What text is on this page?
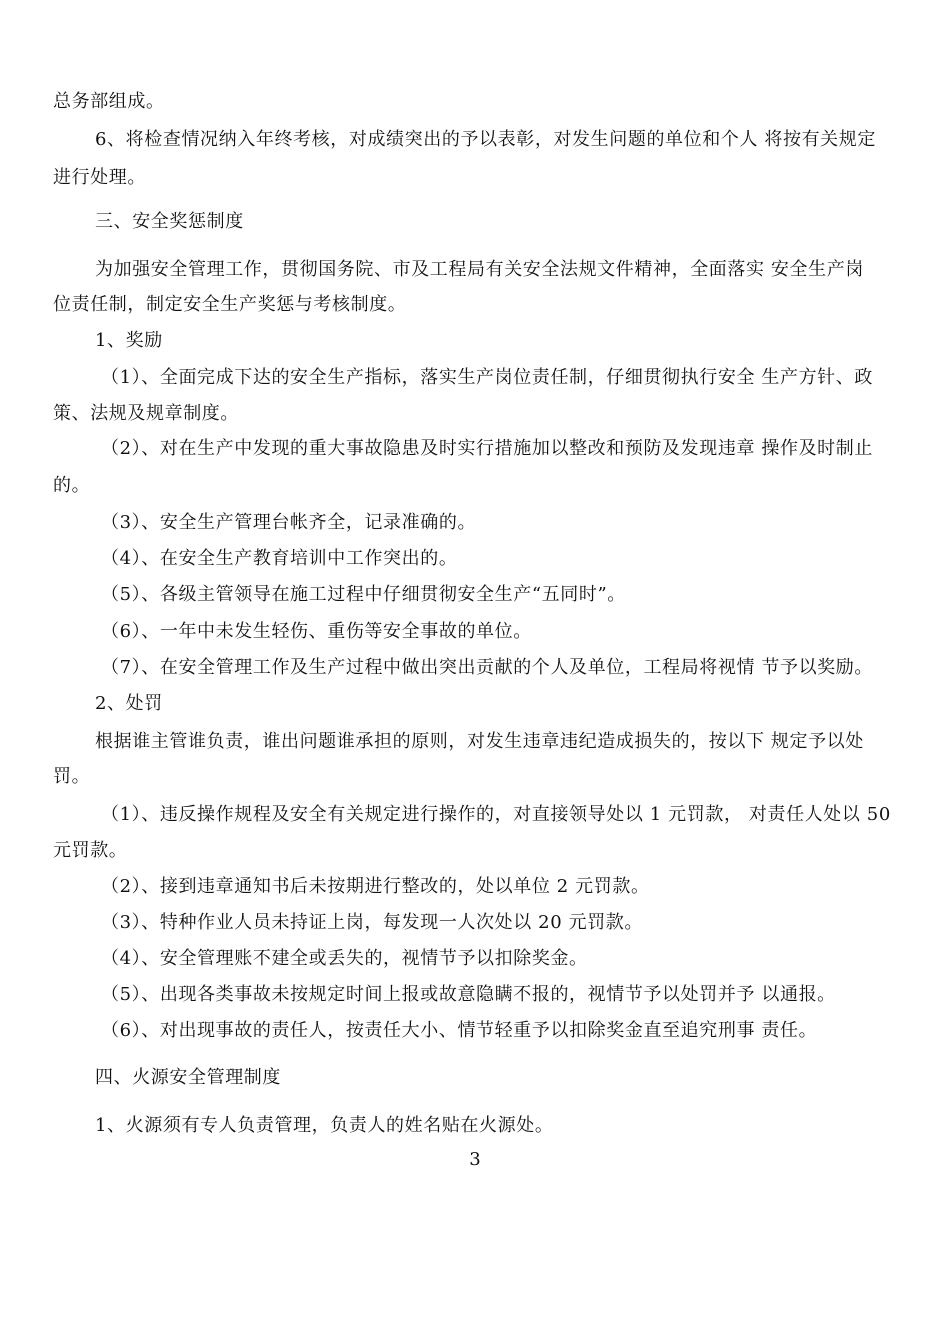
总务部组成。
6、将检查情况纳入年终考核，对成绩突出的予以表彰，对发生问题的单位和个人 将按有关规定
进行处理。
三、安全奖惩制度
为加强安全管理工作，贯彻国务院、市及工程局有关安全法规文件精神，全面落实 安全生产岗
位责任制，制定安全生产奖惩与考核制度。
1、奖励
（1）、全面完成下达的安全生产指标，落实生产岗位责任制，仔细贯彻执行安全 生产方针、政
策、法规及规章制度。
（2）、对在生产中发现的重大事故隐患及时实行措施加以整改和预防及发现违章 操作及时制止
的。
（3）、安全生产管理台帐齐全，记录准确的。
（4）、在安全生产教育培训中工作突出的。
（5）、各级主管领导在施工过程中仔细贯彻安全生产“五同时”。
（6）、一年中未发生轻伤、重伤等安全事故的单位。
（7）、在安全管理工作及生产过程中做出突出贡献的个人及单位，工程局将视情 节予以奖励。
2、处罚
根据谁主管谁负责，谁出问题谁承担的原则，对发生违章违纪造成损失的，按以下 规定予以处
罚。
（1）、违反操作规程及安全有关规定进行操作的，对直接领导处以 1 元罚款， 对责任人处以 50
元罚款。
（2）、接到违章通知书后未按期进行整改的，处以单位 2 元罚款。
（3）、特种作业人员未持证上岗，每发现一人次处以 20 元罚款。
（4）、安全管理账不建全或丢失的，视情节予以扣除奖金。
（5）、出现各类事故未按规定时间上报或故意隐瞒不报的，视情节予以处罚并予 以通报。
（6）、对出现事故的责任人，按责任大小、情节轻重予以扣除奖金直至追究刑事 责任。
四、火源安全管理制度
1、火源须有专人负责管理，负责人的姓名贴在火源处。
3
